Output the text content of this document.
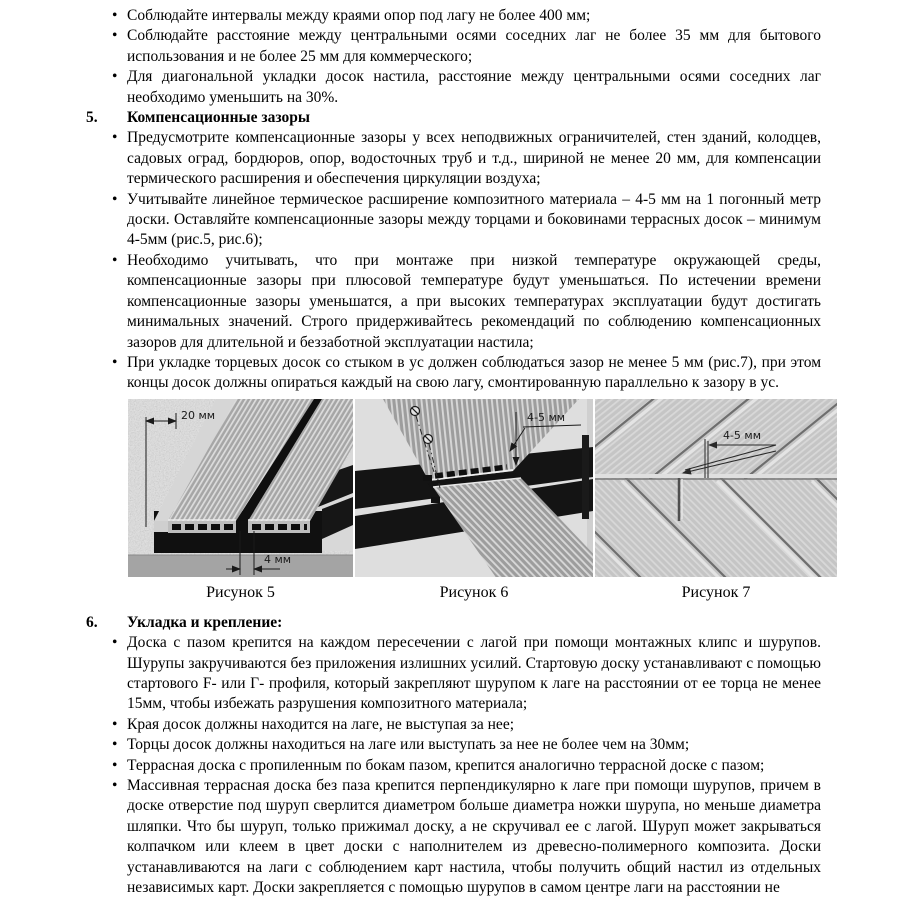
• Соблюдайте интервалы между краями опор под лагу не более 400 мм;
• Соблюдайте расстояние между центральными осями соседних лаг не более 35 мм для бытового использования и не более 25 мм для коммерческого;
• Для диагональной укладки досок настила, расстояние между центральными осями соседних лаг необходимо уменьшить на 30%.
5. Компенсационные зазоры
• Предусмотрите компенсационные зазоры у всех неподвижных ограничителей, стен зданий, колодцев, садовых оград, бордюров, опор, водосточных труб и т.д., шириной не менее 20 мм, для компенсации термического расширения и обеспечения циркуляции воздуха;
• Учитывайте линейное термическое расширение композитного материала – 4-5 мм на 1 погонный метр доски. Оставляйте компенсационные зазоры между торцами и боковинами террасных досок – минимум 4-5мм (рис.5, рис.6);
• Необходимо учитывать, что при монтаже при низкой температуре окружающей среды, компенсационные зазоры при плюсовой температуре будут уменьшаться. По истечении времени компенсационные зазоры уменьшатся, а при высоких температурах эксплуатации будут достигать минимальных значений. Строго придерживайтесь рекомендаций по соблюдению компенсационных зазоров для длительной и беззаботной эксплуатации настила;
• При укладке торцевых досок со стыком в ус должен соблюдаться зазор не менее 5 мм (рис.7), при этом концы досок должны опираться каждый на свою лагу, смонтированную параллельно к зазору в ус.
20 мм
4 мм
Рисунок 5
4-5 мм
Рисунок 6
4-5 мм
Рисунок 7
6. Укладка и крепление:
• Доска с пазом крепится на каждом пересечении с лагой при помощи монтажных клипс и шурупов. Шурупы закручиваются без приложения излишних усилий. Стартовую доску устанавливают с помощью стартового F- или Г- профиля, который закрепляют шурупом к лаге на расстоянии от ее торца не менее 15мм, чтобы избежать разрушения композитного материала;
• Края досок должны находится на лаге, не выступая за нее;
• Торцы досок должны находиться на лаге или выступать за нее не более чем на 30мм;
• Террасная доска с пропиленным по бокам пазом, крепится аналогично террасной доске с пазом;
• Массивная террасная доска без паза крепится перпендикулярно к лаге при помощи шурупов, причем в доске отверстие под шуруп сверлится диаметром больше диаметра ножки шурупа, но меньше диаметра шляпки. Что бы шуруп, только прижимал доску, а не скручивал ее с лагой. Шуруп может закрываться колпачком или клеем в цвет доски с наполнителем из древесно-полимерного композита. Доски устанавливаются на лаги с соблюдением карт настила, чтобы получить общий настил из отдельных независимых карт. Доски закрепляется с помощью шурупов в самом центре лаги на расстоянии не
